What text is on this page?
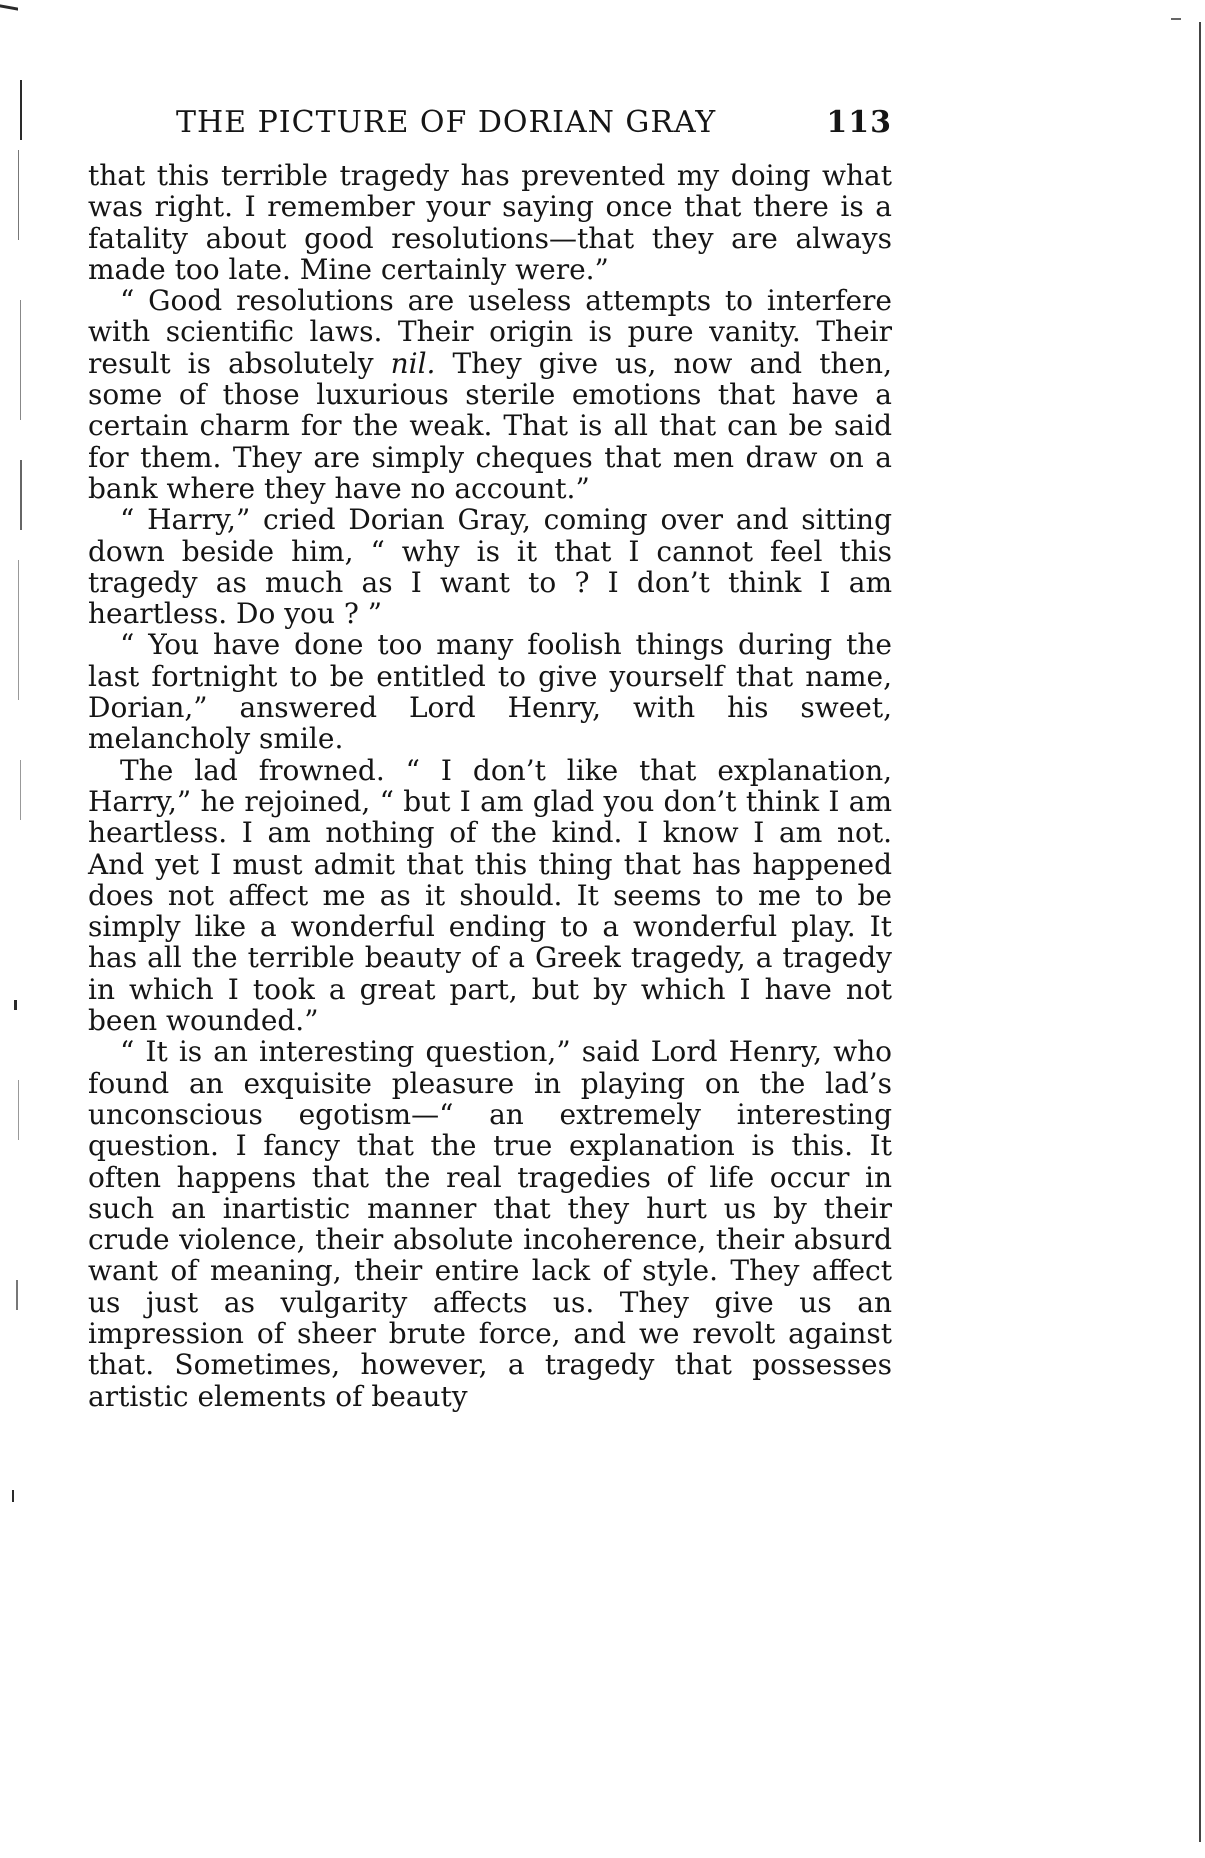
THE PICTURE OF DORIAN GRAY	113

that this terrible tragedy has prevented my doing what was right. I remember your saying once that there is a fatality about good resolutions—that they are always made too late. Mine certainly were.”

“ Good resolutions are useless attempts to interfere with scientific laws. Their origin is pure vanity. Their result is absolutely nil. They give us, now and then, some of those luxurious sterile emotions that have a certain charm for the weak. That is all that can be said for them. They are simply cheques that men draw on a bank where they have no account.”

“ Harry,” cried Dorian Gray, coming over and sitting down beside him, “ why is it that I cannot feel this tragedy as much as I want to ? I don’t think I am heartless. Do you ? ”

“ You have done too many foolish things during the last fortnight to be entitled to give yourself that name, Dorian,” answered Lord Henry, with his sweet, melancholy smile.

The lad frowned. “ I don’t like that explanation, Harry,” he rejoined, “ but I am glad you don’t think I am heartless. I am nothing of the kind. I know I am not. And yet I must admit that this thing that has happened does not affect me as it should. It seems to me to be simply like a wonderful ending to a wonderful play. It has all the terrible beauty of a Greek tragedy, a tragedy in which I took a great part, but by which I have not been wounded.”

“ It is an interesting question,” said Lord Henry, who found an exquisite pleasure in playing on the lad’s unconscious egotism—“ an extremely interesting question. I fancy that the true explanation is this. It often happens that the real tragedies of life occur in such an inartistic manner that they hurt us by their crude violence, their absolute incoherence, their absurd want of meaning, their entire lack of style. They affect us just as vulgarity affects us. They give us an impression of sheer brute force, and we revolt against that. Sometimes, however, a tragedy that possesses artistic elements of beauty
